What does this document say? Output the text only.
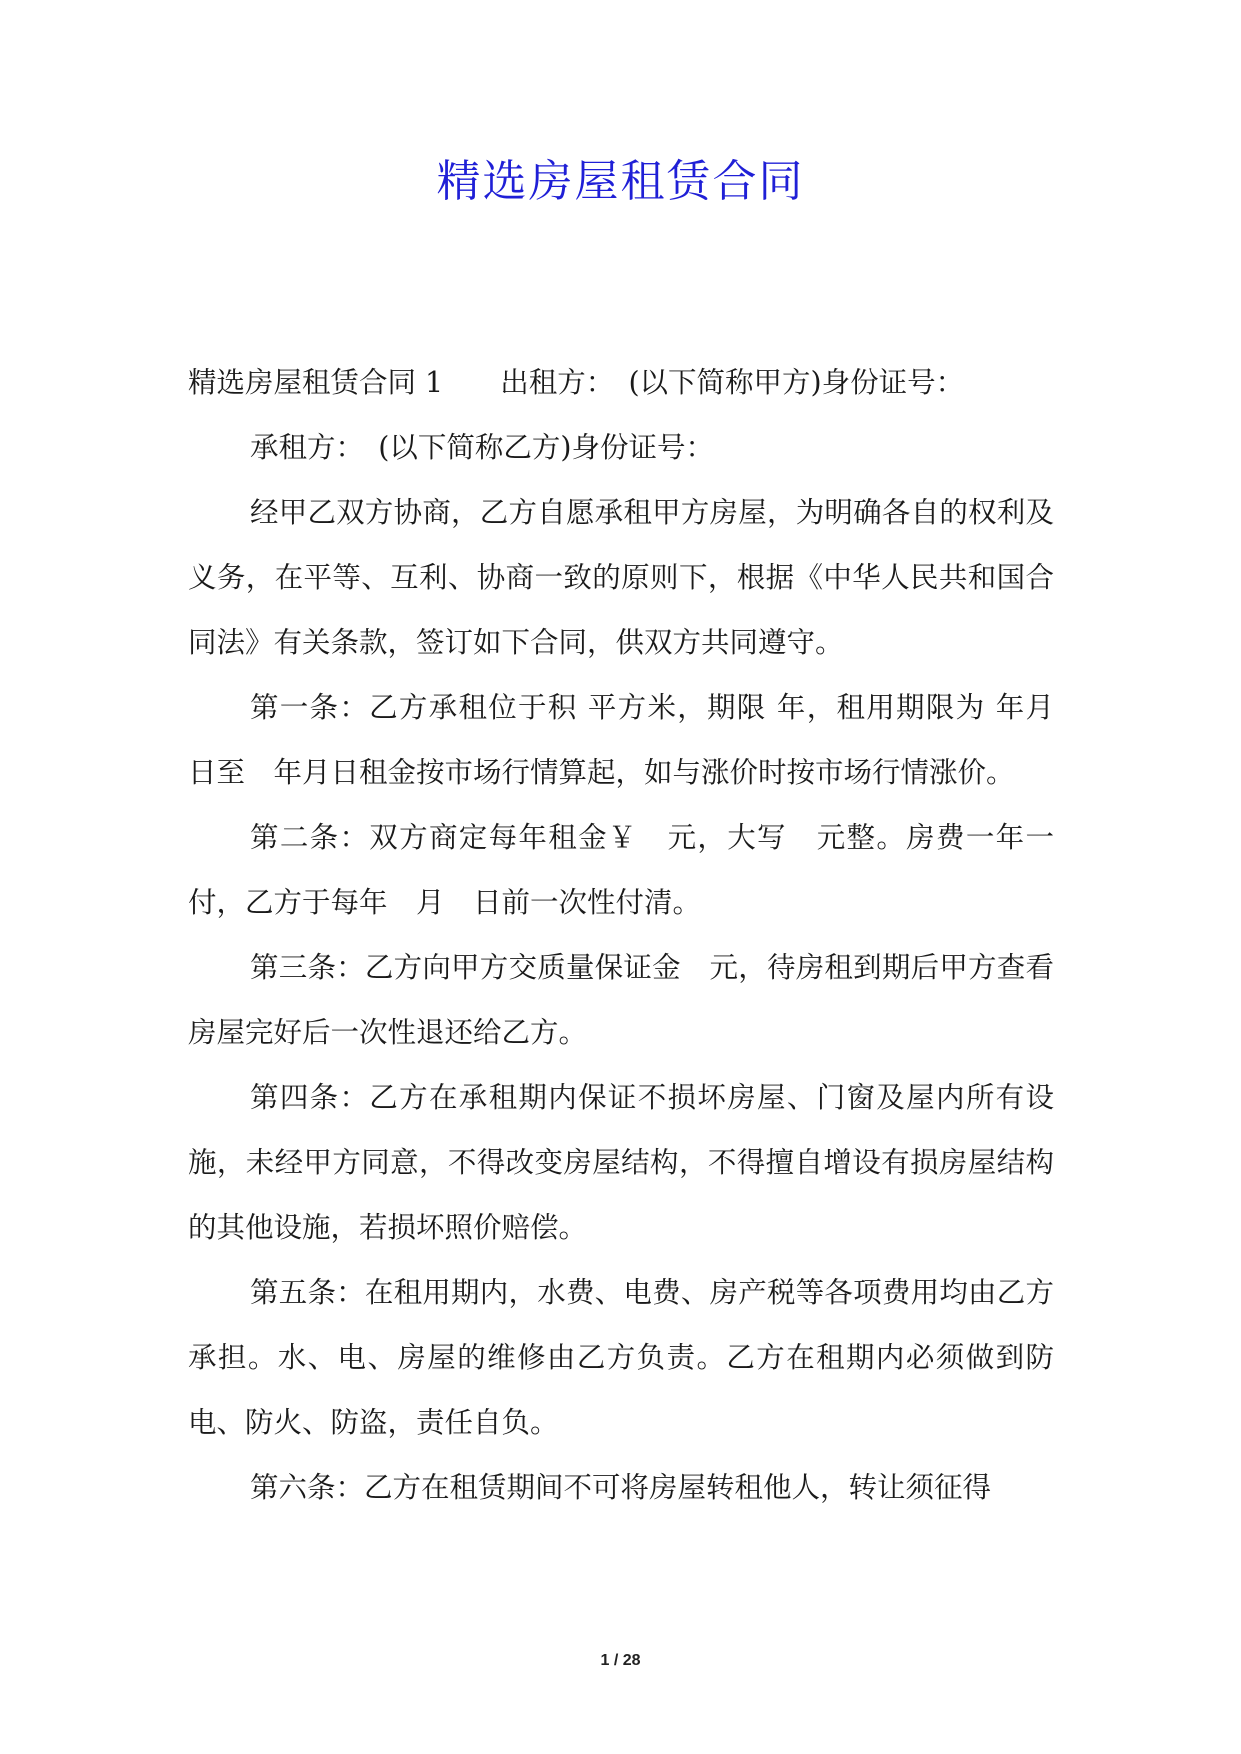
精选房屋租赁合同

精选房屋租赁合同 1　　出租方：　(以下简称甲方)身份证号：

承租方：　(以下简称乙方)身份证号：

经甲乙双方协商，乙方自愿承租甲方房屋，为明确各自的权利及义务，在平等、互利、协商一致的原则下，根据《中华人民共和国合同法》有关条款，签订如下合同，供双方共同遵守。

第一条：乙方承租位于积 平方米，期限 年，租用期限为 年月　日至　年月日租金按市场行情算起，如与涨价时按市场行情涨价。

第二条：双方商定每年租金￥　元，大写　元整。房费一年一付，乙方于每年　月　日前一次性付清。

第三条：乙方向甲方交质量保证金　元，待房租到期后甲方查看房屋完好后一次性退还给乙方。

第四条：乙方在承租期内保证不损坏房屋、门窗及屋内所有设施，未经甲方同意，不得改变房屋结构，不得擅自增设有损房屋结构的其他设施，若损坏照价赔偿。

第五条：在租用期内，水费、电费、房产税等各项费用均由乙方承担。水、电、房屋的维修由乙方负责。乙方在租期内必须做到防电、防火、防盗，责任自负。

第六条：乙方在租赁期间不可将房屋转租他人，转让须征得

1 / 28
